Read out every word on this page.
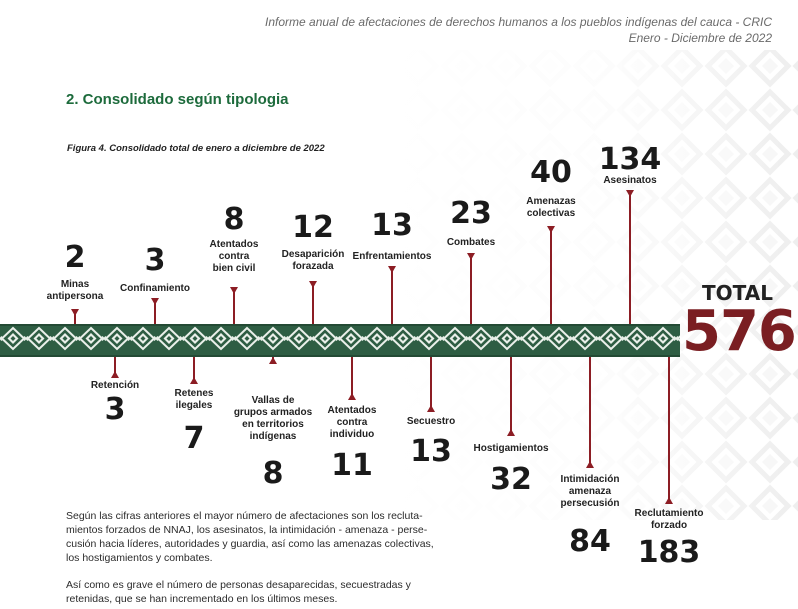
Informe anual de afectaciones de derechos humanos a los pueblos indígenas del cauca - CRIC
Enero - Diciembre de 2022
2. Consolidado según tipologia
Figura 4. Consolidado total de enero a diciembre de 2022
2
Minas
antipersona
3
Confinamiento
8
Atentados
contra
bien civil
12
Desaparición
forazada
13
Enfrentamientos
23
Combates
40
Amenazas
colectivas
134
Asesinatos
Retención
3	Retenes
ilegales
7
Vallas de
grupos armados
en territorios
indígenas
8
Atentados
contra
individuo
11
Secuestro
13 Hostigamientos
32	Intimidación
amenaza
persecusión
84
Reclutamiento
forzado
183
TOTAL
576
Según las cifras anteriores el mayor número de afectaciones son los recluta-
mientos forzados de NNAJ, los asesinatos, la intimidación - amenaza - perse-
cusión hacia líderes, autoridades y guardia, así como las amenazas colectivas,
los hostigamientos y combates.
Así como es grave el número de personas desaparecidas, secuestradas y
retenidas, que se han incrementado en los últimos meses.
